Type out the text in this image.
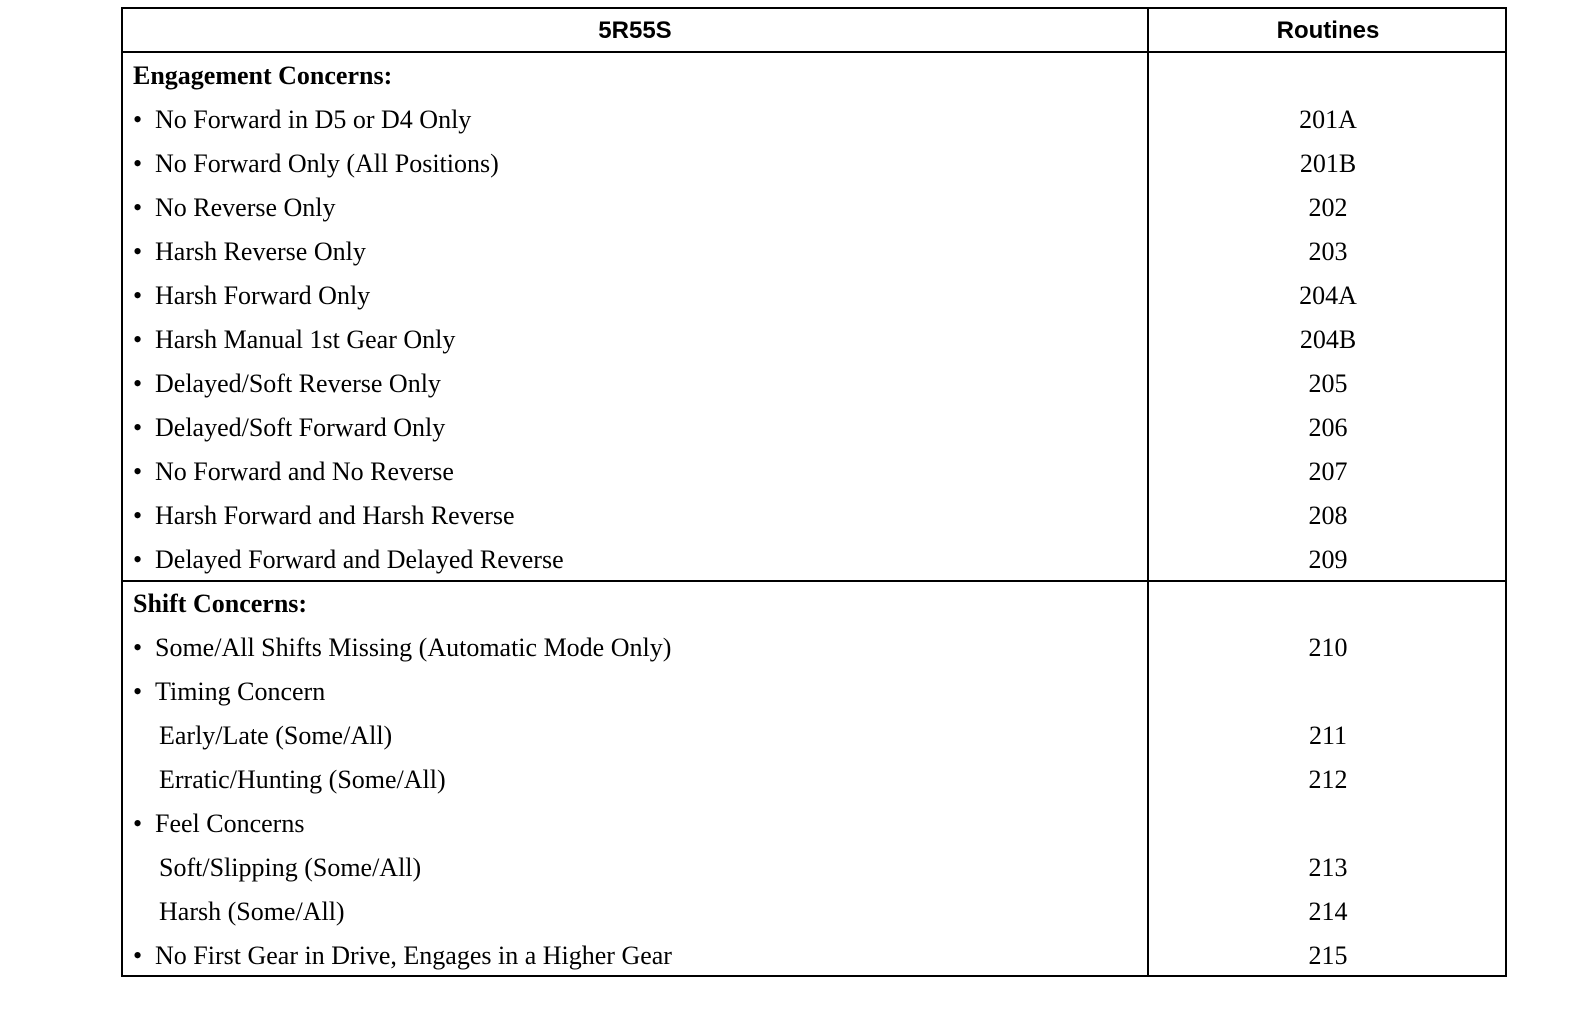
5R55S	Routines
Engagement Concerns:
• No Forward in D5 or D4 Only	201A
• No Forward Only (All Positions)	201B
• No Reverse Only	202
• Harsh Reverse Only	203
• Harsh Forward Only	204A
• Harsh Manual 1st Gear Only	204B
• Delayed/Soft Reverse Only	205
• Delayed/Soft Forward Only	206
• No Forward and No Reverse	207
• Harsh Forward and Harsh Reverse	208
• Delayed Forward and Delayed Reverse	209
Shift Concerns:
• Some/All Shifts Missing (Automatic Mode Only)	210
• Timing Concern
Early/Late (Some/All)	211
Erratic/Hunting (Some/All)	212
• Feel Concerns
Soft/Slipping (Some/All)	213
Harsh (Some/All)	214
• No First Gear in Drive, Engages in a Higher Gear	215
